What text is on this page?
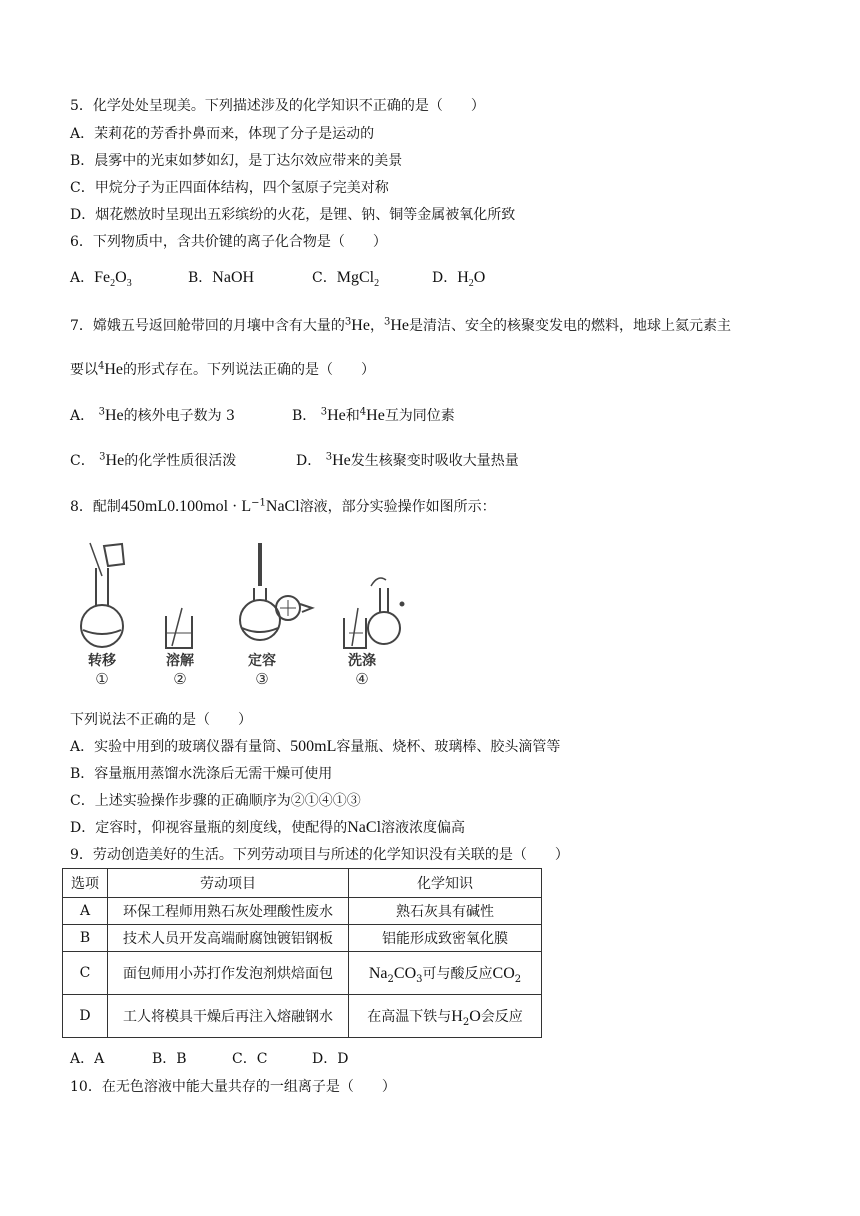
5．化学处处呈现美。下列描述涉及的化学知识不正确的是（　　）
A．茉莉花的芳香扑鼻而来，体现了分子是运动的
B．晨雾中的光束如梦如幻，是丁达尔效应带来的美景
C．甲烷分子为正四面体结构，四个氢原子完美对称
D．烟花燃放时呈现出五彩缤纷的火花，是锂、钠、铜等金属被氧化所致
6．下列物质中，含共价键的离子化合物是（　　）
A．$Fe_2O_3$	B．NaOH	C．MgCl$_2$	D．$H_2O$
7．嫦娥五号返回舱带回的月壤中含有大量的$^3$He，$^3$He是清洁、安全的核聚变发电的燃料，地球上氦元素主
要以$^4$He的形式存在。下列说法正确的是（　　）
A． $^3$He的核外电子数为 3	B． $^3$He和$^4$He互为同位素
C． $^3$He的化学性质很活泼	D． $^3$He发生核聚变时吸收大量热量
8．配制$450mL0.100mol \cdot L^{-1}NaCl$溶液，部分实验操作如图所示：
转移	溶解	定容	洗涤
①	②	③	④
下列说法不正确的是（　　）
A．实验中用到的玻璃仪器有量筒、500mL容量瓶、烧杯、玻璃棒、胶头滴管等
B．容量瓶用蒸馏水洗涤后无需干燥可使用
C．上述实验操作步骤的正确顺序为②①④①③
D．定容时，仰视容量瓶的刻度线，使配得的NaCl溶液浓度偏高
9．劳动创造美好的生活。下列劳动项目与所述的化学知识没有关联的是（　　）
选项	劳动项目	化学知识
A	环保工程师用熟石灰处理酸性废水	熟石灰具有碱性
B	技术人员开发高端耐腐蚀镀铝钢板	铝能形成致密氧化膜
C	面包师用小苏打作发泡剂烘焙面包	$Na_2CO_3$可与酸反应$CO_2$
D	工人将模具干燥后再注入熔融钢水	在高温下铁与$H_2O$会反应
A．A	B．B	C．C	D．D
10．在无色溶液中能大量共存的一组离子是（　　）
